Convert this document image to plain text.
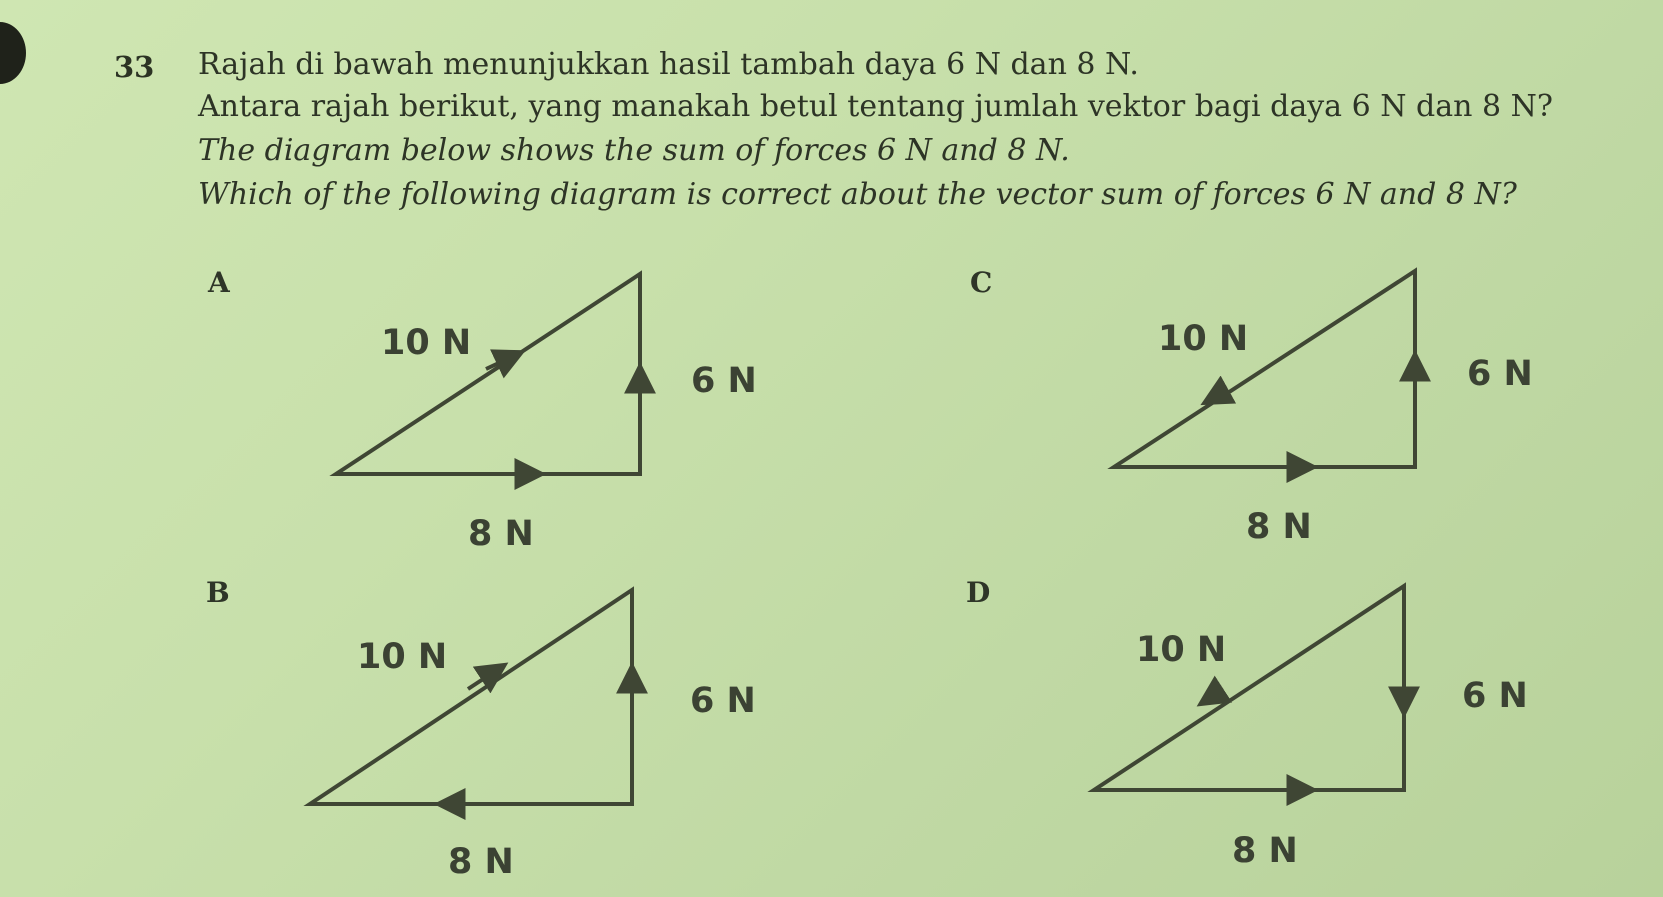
33 Rajah di bawah menunjukkan hasil tambah daya 6 N dan 8 N.
Antara rajah berikut, yang manakah betul tentang jumlah vektor bagi daya 6 N dan 8 N?
The diagram below shows the sum of forces 6 N and 8 N.
Which of the following diagram is correct about the vector sum of forces 6 N and 8 N?
A	C
B	D
10 N
6 N
8 N
10 N
6 N
8 N
10 N
6 N
8 N
10 N
6 N
8 N
